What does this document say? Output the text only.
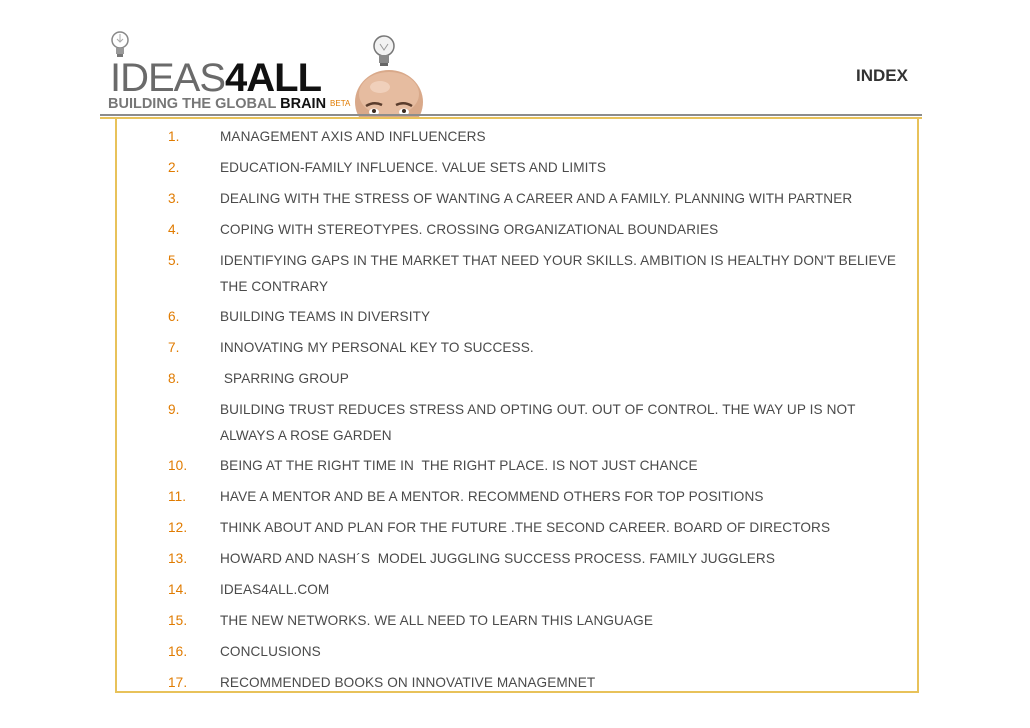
IDEAS4ALL
BUILDING THE GLOBAL BRAIN BETA
INDEX
1.	MANAGEMENT AXIS AND INFLUENCERS
2.	EDUCATION-FAMILY INFLUENCE. VALUE SETS AND LIMITS
3.	DEALING WITH THE STRESS OF WANTING A CAREER AND A FAMILY. PLANNING WITH PARTNER
4.	COPING WITH STEREOTYPES. CROSSING ORGANIZATIONAL BOUNDARIES
5.	IDENTIFYING GAPS IN THE MARKET THAT NEED YOUR SKILLS. AMBITION IS HEALTHY DON'T BELIEVE THE CONTRARY
6.	BUILDING TEAMS IN DIVERSITY
7.	INNOVATING MY PERSONAL KEY TO SUCCESS.
8.	SPARRING GROUP
9.	BUILDING TRUST REDUCES STRESS AND OPTING OUT. OUT OF CONTROL. THE WAY UP IS NOT ALWAYS A ROSE GARDEN
10.	BEING AT THE RIGHT TIME IN  THE RIGHT PLACE. IS NOT JUST CHANCE
11.	HAVE A MENTOR AND BE A MENTOR. RECOMMEND OTHERS FOR TOP POSITIONS
12.	THINK ABOUT AND PLAN FOR THE FUTURE .THE SECOND CAREER. BOARD OF DIRECTORS
13.	HOWARD AND NASH´S  MODEL JUGGLING SUCCESS PROCESS. FAMILY JUGGLERS
14.	IDEAS4ALL.COM
15.	THE NEW NETWORKS. WE ALL NEED TO LEARN THIS LANGUAGE
16.	CONCLUSIONS
17.	RECOMMENDED BOOKS ON INNOVATIVE MANAGEMNET
